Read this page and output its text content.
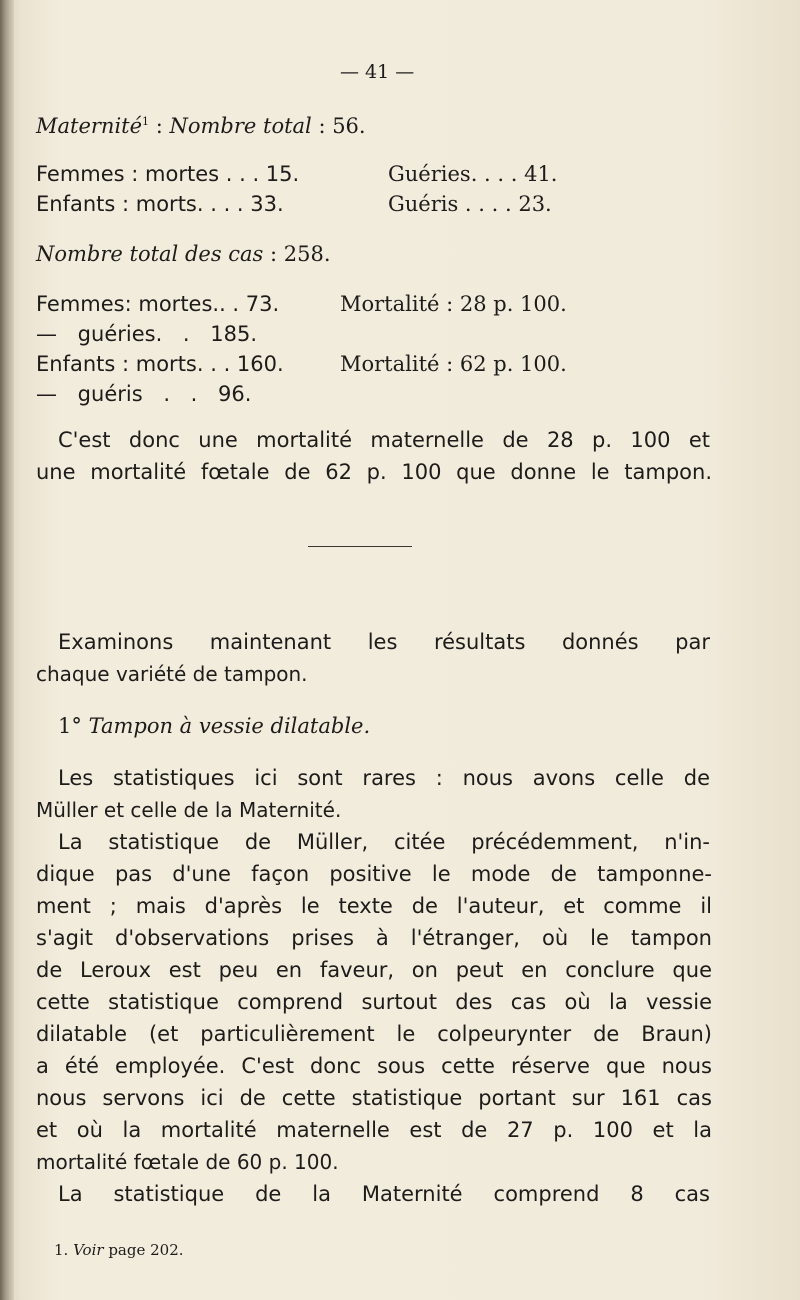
— 41 —
Maternité$^1$ : Nombre total : 56.
Femmes : mortes . . . 15.	Guéries. . . . 41.
Enfants : morts. . . . 33.	Guéris . . . . 23.
Nombre total des cas : 258.
Femmes: mortes.. . 73.	Mortalité : 28 p. 100.
— guéries. . 185.
Enfants : morts. . . 160.	Mortalité : 62 p. 100.
— guéris . . 96.
C'est donc une mortalité maternelle de 28 p. 100 et
une mortalité fœtale de 62 p. 100 que donne le tampon.
Examinons maintenant les résultats donnés par
chaque variété de tampon.
1° Tampon à vessie dilatable.
Les statistiques ici sont rares : nous avons celle de
Müller et celle de la Maternité.
La statistique de Müller, citée précédemment, n'in-
dique pas d'une façon positive le mode de tamponne-
ment ; mais d'après le texte de l'auteur, et comme il
s'agit d'observations prises à l'étranger, où le tampon
de Leroux est peu en faveur, on peut en conclure que
cette statistique comprend surtout des cas où la vessie
dilatable (et particulièrement le colpeurynter de Braun)
a été employée. C'est donc sous cette réserve que nous
nous servons ici de cette statistique portant sur 161 cas
et où la mortalité maternelle est de 27 p. 100 et la
mortalité fœtale de 60 p. 100.
La statistique de la Maternité comprend 8 cas
1. Voir page 202.
